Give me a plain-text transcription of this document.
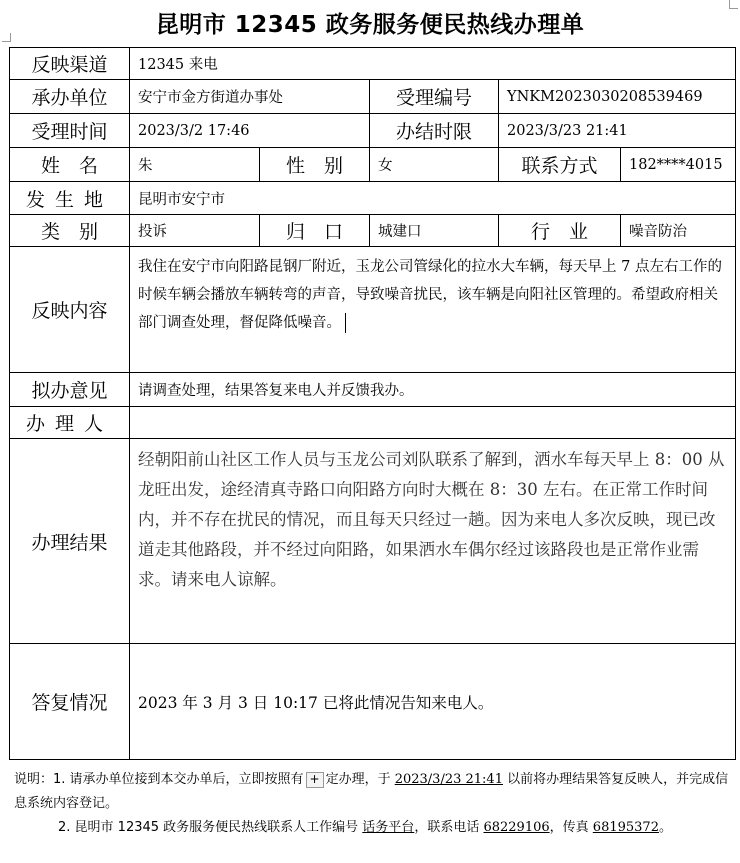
昆明市 12345 政务服务便民热线办理单
反映渠道	12345 来电				
承办单位	安宁市金方街道办事处		受理编号	YNKM2023030208539469	
受理时间	2023/3/2 17:46		办结时限	2023/3/23 21:41	
姓　名	朱	性　别	女	联系方式	182****4015
发生地	昆明市安宁市				
类　别	投诉	归　口	城建口	行　业	噪音防治
反映内容	我住在安宁市向阳路昆钢厂附近，玉龙公司管绿化的拉水大车辆，每天早上 7 点左右工作的时候车辆会播放车辆转弯的声音，导致噪音扰民，该车辆是向阳社区管理的。希望政府相关部门调查处理，督促降低噪音。				
拟办意见	请调查处理，结果答复来电人并反馈我办。				
办理人					
办理结果	经朝阳前山社区工作人员与玉龙公司刘队联系了解到，洒水车每天早上 8：00 从龙旺出发，途经清真寺路口向阳路方向时大概在 8：30 左右。在正常工作时间内，并不存在扰民的情况，而且每天只经过一趟。因为来电人多次反映，现已改道走其他路段，并不经过向阳路，如果洒水车偶尔经过该路段也是正常作业需求。请来电人谅解。				
答复情况	2023 年 3 月 3 日 10:17 已将此情况告知来电人。				
说明：1. 请承办单位接到本交办单后，立即按照有 + 定办理，于 2023/3/23 21:41 以前将办理结果答复反映人，并完成信息系统内容登记。
2. 昆明市 12345 政务服务便民热线联系人工作编号 话务平台，联系电话 68229106，传真 68195372。
